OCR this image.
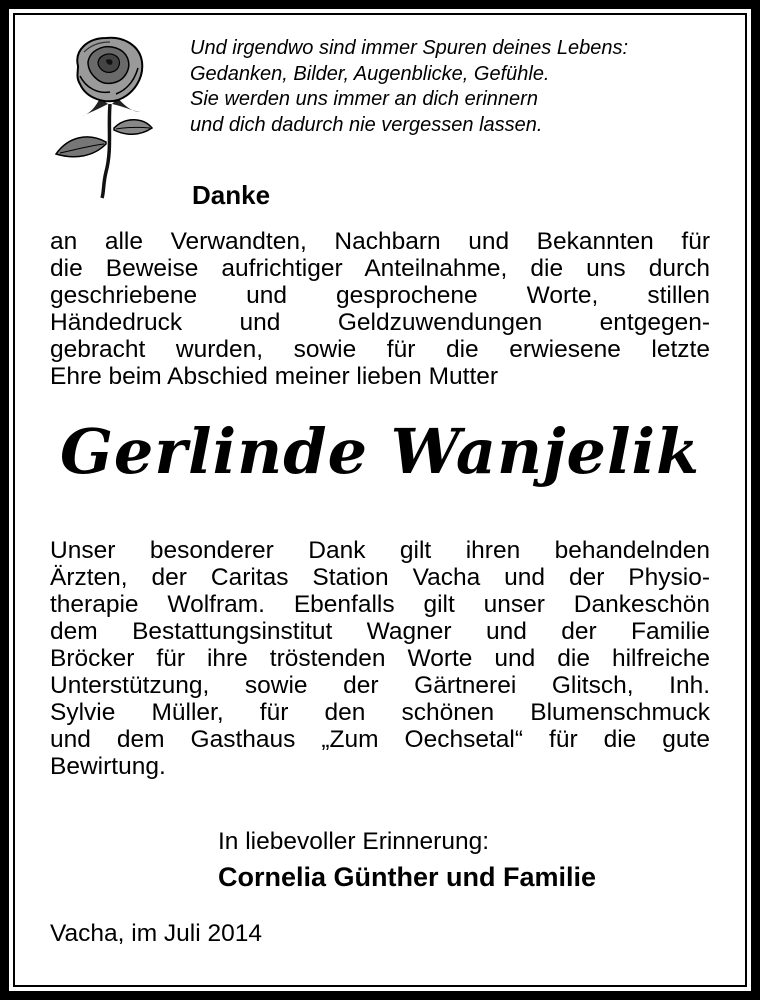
Und irgendwo sind immer Spuren deines Lebens:
Gedanken, Bilder, Augenblicke, Gefühle.
Sie werden uns immer an dich erinnern
und dich dadurch nie vergessen lassen.
Danke
an alle Verwandten, Nachbarn und Bekannten für
die Beweise aufrichtiger Anteilnahme, die uns durch
geschriebene und gesprochene Worte, stillen
Händedruck und Geldzuwendungen entgegen-
gebracht wurden, sowie für die erwiesene letzte
Ehre beim Abschied meiner lieben Mutter
Gerlinde Wanjelik
Unser besonderer Dank gilt ihren behandelnden
Ärzten, der Caritas Station Vacha und der Physio-
therapie Wolfram. Ebenfalls gilt unser Dankeschön
dem Bestattungsinstitut Wagner und der Familie
Bröcker für ihre tröstenden Worte und die hilfreiche
Unterstützung, sowie der Gärtnerei Glitsch, Inh.
Sylvie Müller, für den schönen Blumenschmuck
und dem Gasthaus „Zum Oechsetal“ für die gute
Bewirtung.
In liebevoller Erinnerung:
Cornelia Günther und Familie
Vacha, im Juli 2014
